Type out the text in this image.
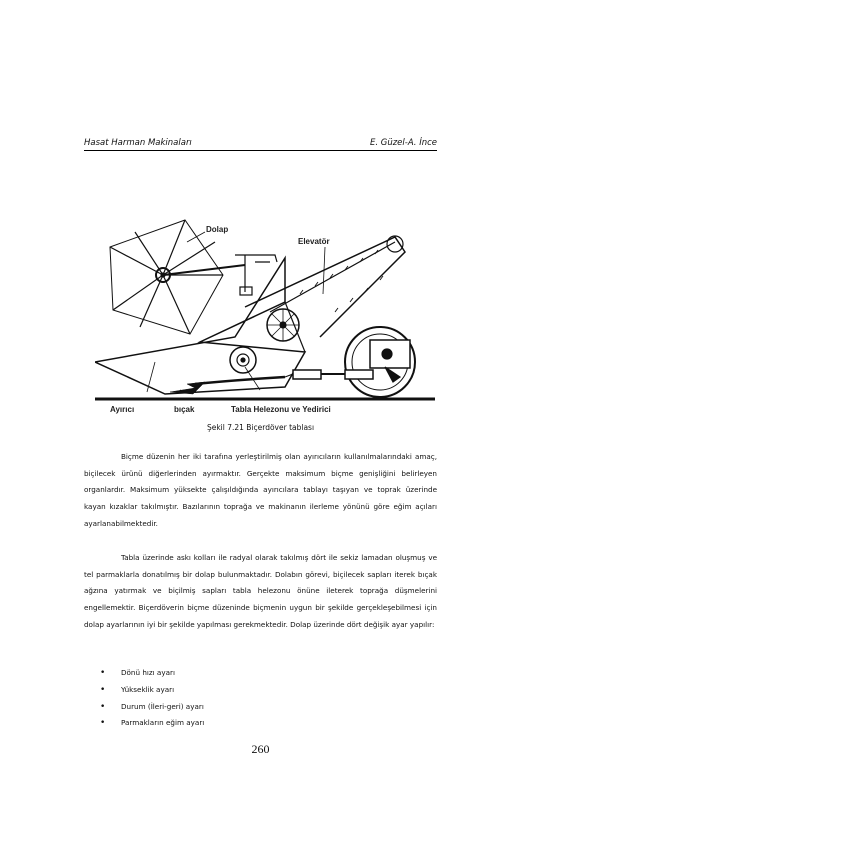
Hasat Harman Makinaları	E. Güzel-A. İnce
Dolap
Elevatör
Ayırıcı	bıçak	Tabla Helezonu ve Yedirici
Şekil 7.21 Biçerdöver tablası

Biçme düzenin her iki tarafına yerleştirilmiş olan ayırıcıların kullanılmalarındaki amaç, biçilecek ürünü diğerlerinden ayırmaktır. Gerçekte maksimum biçme genişliğini belirleyen organlardır. Maksimum yüksekte çalışıldığında ayırıcılara tablayı taşıyan ve toprak üzerinde kayan kızaklar takılmıştır. Bazılarının toprağa ve makinanın ilerleme yönünü göre eğim açıları ayarlanabilmektedir.

Tabla üzerinde askı kolları ile radyal olarak takılmış dört ile sekiz lamadan oluşmuş ve tel parmaklarla donatılmış bir dolap bulunmaktadır. Dolabın görevi, biçilecek sapları iterek bıçak ağzına yatırmak ve biçilmiş sapları tabla helezonu önüne ileterek toprağa düşmelerini engellemektir. Biçerdöverin biçme düzeninde biçmenin uygun bir şekilde gerçekleşebilmesi için dolap ayarlarının iyi bir şekilde yapılması gerekmektedir. Dolap üzerinde dört değişik ayar yapılır:

• Dönü hızı ayarı
• Yükseklik ayarı
• Durum (İleri-geri) ayarı
• Parmakların eğim ayarı
260
